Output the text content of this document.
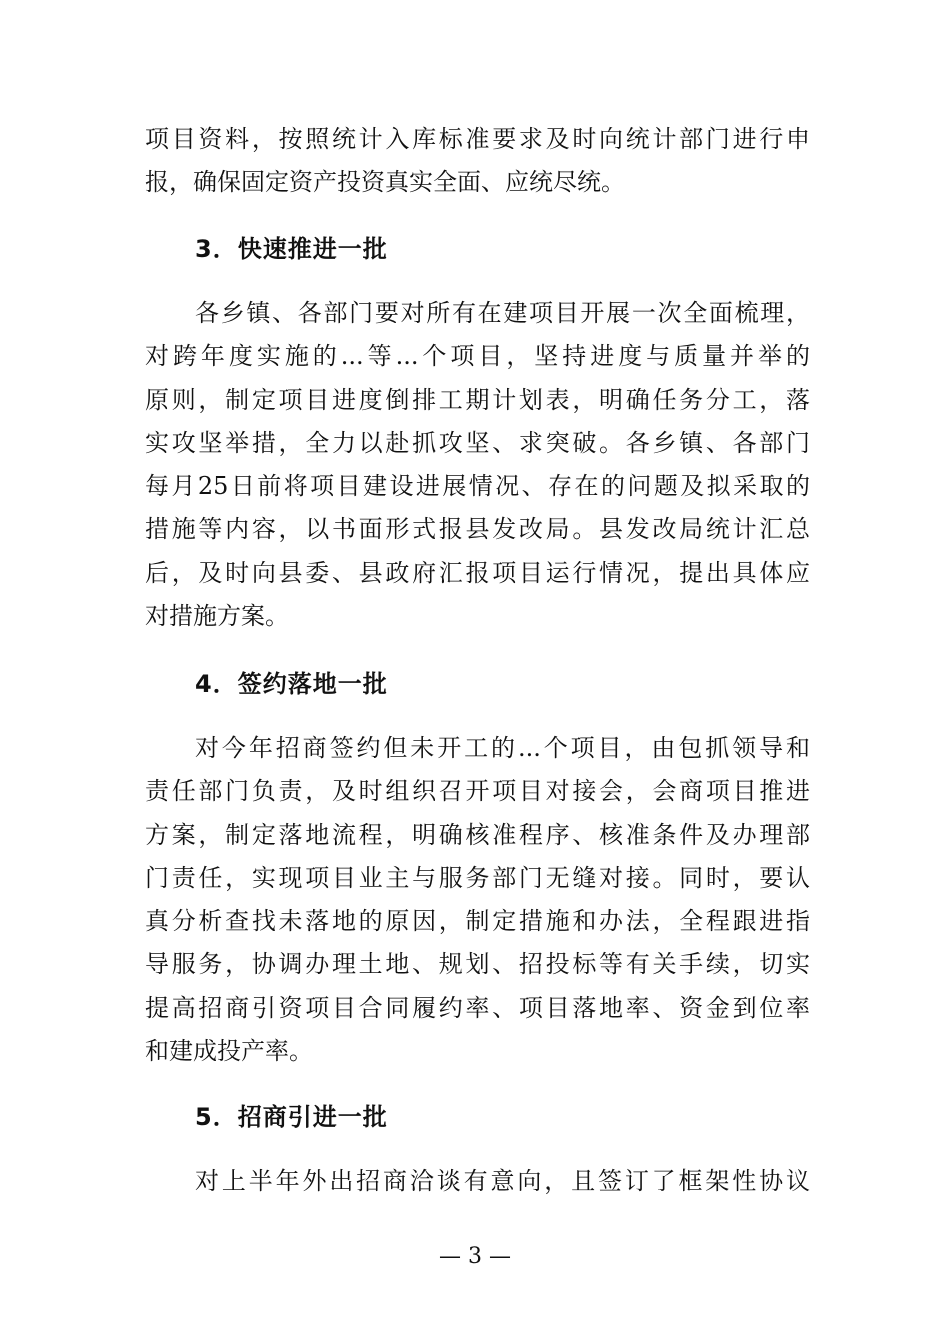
项目资料，按照统计入库标准要求及时向统计部门进行申
报，确保固定资产投资真实全面、应统尽统。
3．快速推进一批
各乡镇、各部门要对所有在建项目开展一次全面梳理，
对跨年度实施的...等...个项目，坚持进度与质量并举的
原则，制定项目进度倒排工期计划表，明确任务分工，落
实攻坚举措，全力以赴抓攻坚、求突破。各乡镇、各部门
每月25日前将项目建设进展情况、存在的问题及拟采取的
措施等内容，以书面形式报县发改局。县发改局统计汇总
后，及时向县委、县政府汇报项目运行情况，提出具体应
对措施方案。
4．签约落地一批
对今年招商签约但未开工的...个项目，由包抓领导和
责任部门负责，及时组织召开项目对接会，会商项目推进
方案，制定落地流程，明确核准程序、核准条件及办理部
门责任，实现项目业主与服务部门无缝对接。同时，要认
真分析查找未落地的原因，制定措施和办法，全程跟进指
导服务，协调办理土地、规划、招投标等有关手续，切实
提高招商引资项目合同履约率、项目落地率、资金到位率
和建成投产率。
5．招商引进一批
对上半年外出招商洽谈有意向，且签订了框架性协议
— 3 —
